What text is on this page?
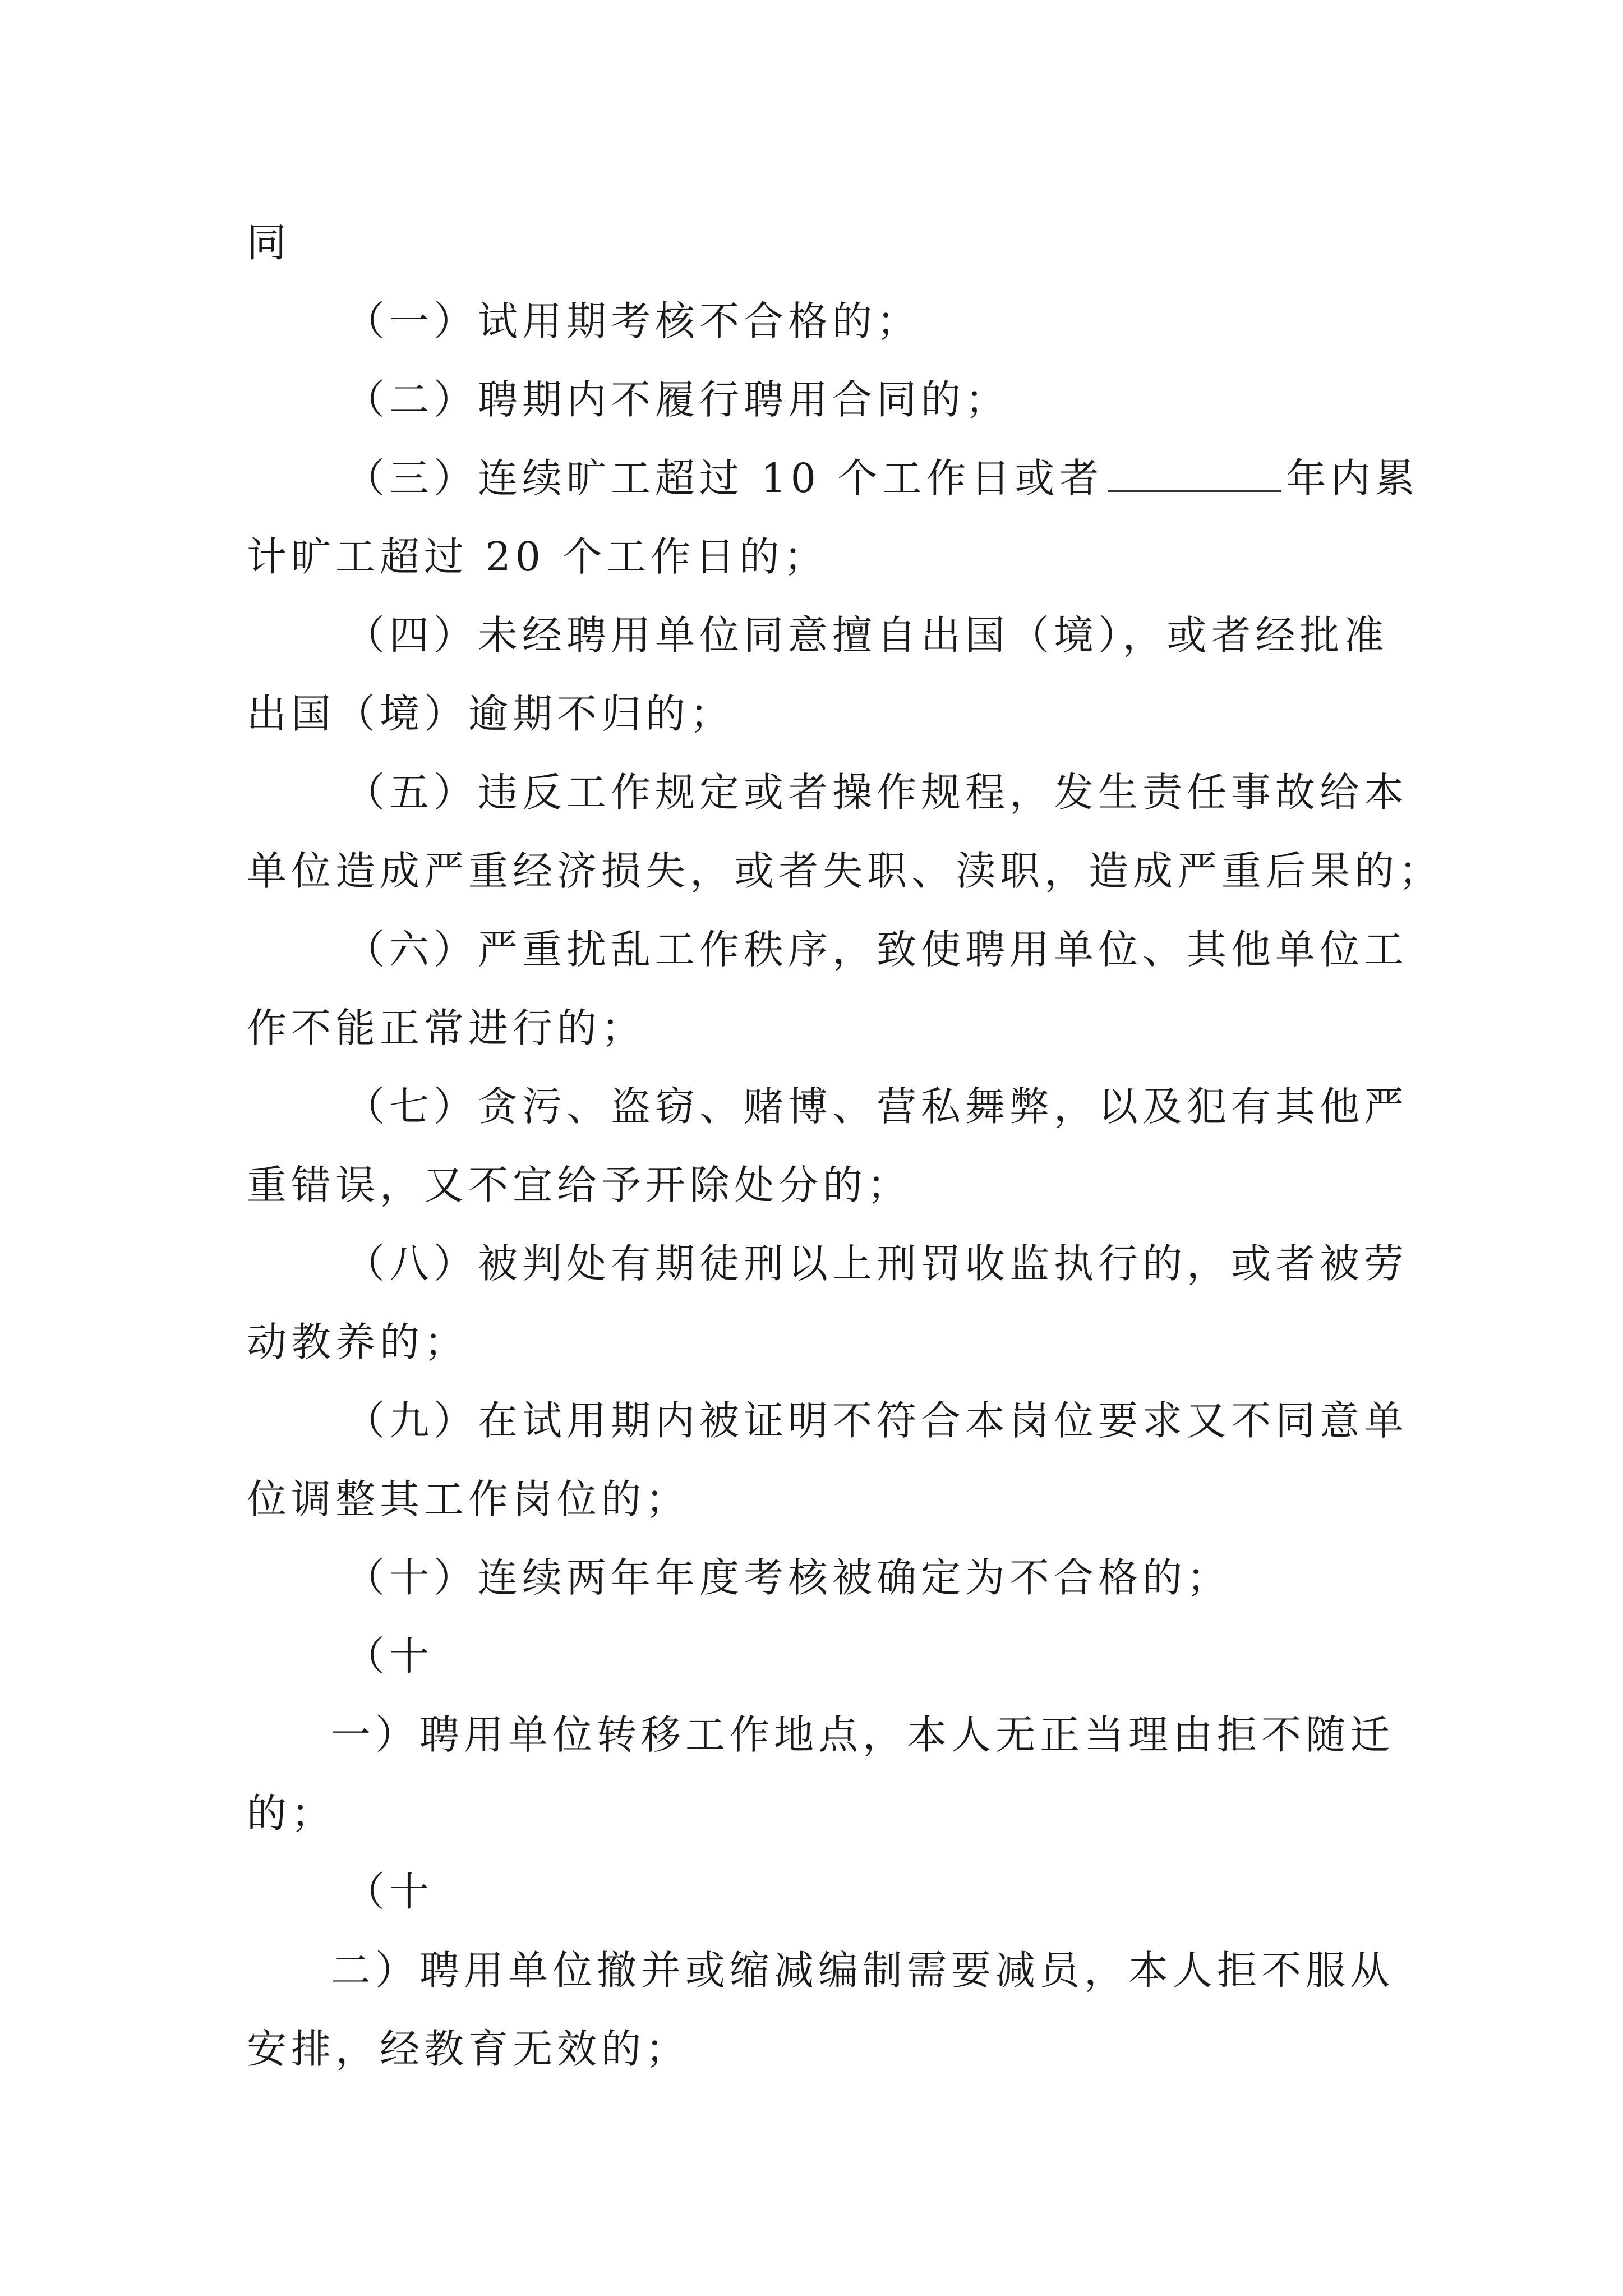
同
（一）试用期考核不合格的；
（二）聘期内不履行聘用合同的；
（三）连续旷工超过 10 个工作日或者	年内累
计旷工超过 20 个工作日的；
（四）未经聘用单位同意擅自出国（境），或者经批准
出国（境）逾期不归的；
（五）违反工作规定或者操作规程，发生责任事故给本
单位造成严重经济损失，或者失职、渎职，造成严重后果的；
（六）严重扰乱工作秩序，致使聘用单位、其他单位工
作不能正常进行的；
（七）贪污、盗窃、赌博、营私舞弊，以及犯有其他严
重错误，又不宜给予开除处分的；
（八）被判处有期徒刑以上刑罚收监执行的，或者被劳
动教养的；
（九）在试用期内被证明不符合本岗位要求又不同意单
位调整其工作岗位的；
（十）连续两年年度考核被确定为不合格的；
（十
一）聘用单位转移工作地点，本人无正当理由拒不随迁
的；
（十
二）聘用单位撤并或缩减编制需要减员，本人拒不服从
安排，经教育无效的；
